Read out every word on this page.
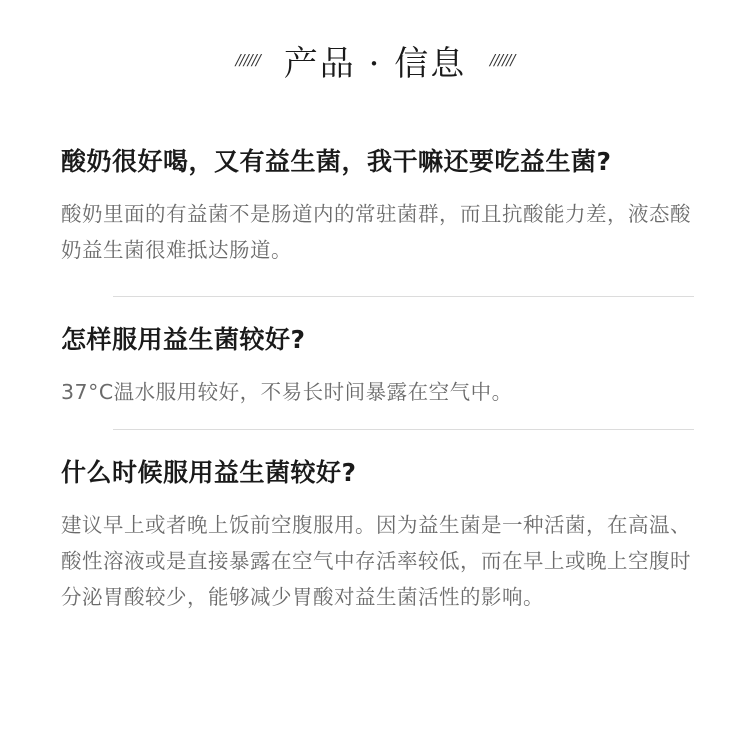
////// 产品 · 信息	//////
酸奶很好喝，又有益生菌，我干嘛还要吃益生菌?
酸奶里面的有益菌不是肠道内的常驻菌群，而且抗酸能力差，液态酸奶益生菌很难抵达肠道。
怎样服用益生菌较好?
37°C温水服用较好，不易长时间暴露在空气中。
什么时候服用益生菌较好?
建议早上或者晚上饭前空腹服用。因为益生菌是一种活菌，在高温、酸性溶液或是直接暴露在空气中存活率较低，而在早上或晚上空腹时分泌胃酸较少，能够减少胃酸对益生菌活性的影响。
